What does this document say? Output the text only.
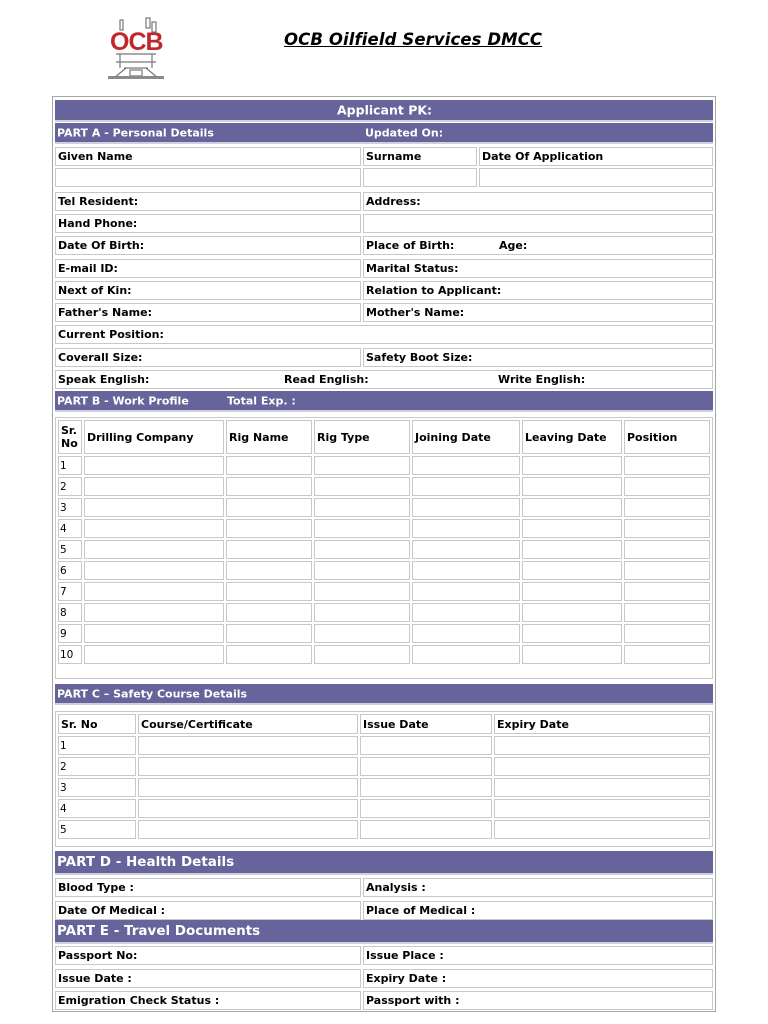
OCB	OCB Oilfield Services DMCC
Applicant PK:
PART A - Personal Details	Updated On:
Given Name	Surname	Date Of Application
Tel Resident:	Address:
Hand Phone:
Date Of Birth:	Place of Birth:	Age:
E-mail ID:	Marital Status:
Next of Kin:	Relation to Applicant:
Father's Name:	Mother's Name:
Current Position:
Coverall Size:	Safety Boot Size:
Speak English:	Read English:	Write English:
PART B - Work Profile	Total Exp. :
Sr. No	Drilling Company	Rig Name	Rig Type	Joining Date	Leaving Date	Position
1						
2						
3						
4						
5						
6						
7						
8						
9						
10						
PART C – Safety Course Details
Sr. No	Course/Certificate	Issue Date	Expiry Date
1			
2			
3			
4			
5			
PART D - Health Details
Blood Type :	Analysis :
Date Of Medical :	Place of Medical :
PART E - Travel Documents
Passport No:	Issue Place :
Issue Date :	Expiry Date :
Emigration Check Status :	Passport with :
